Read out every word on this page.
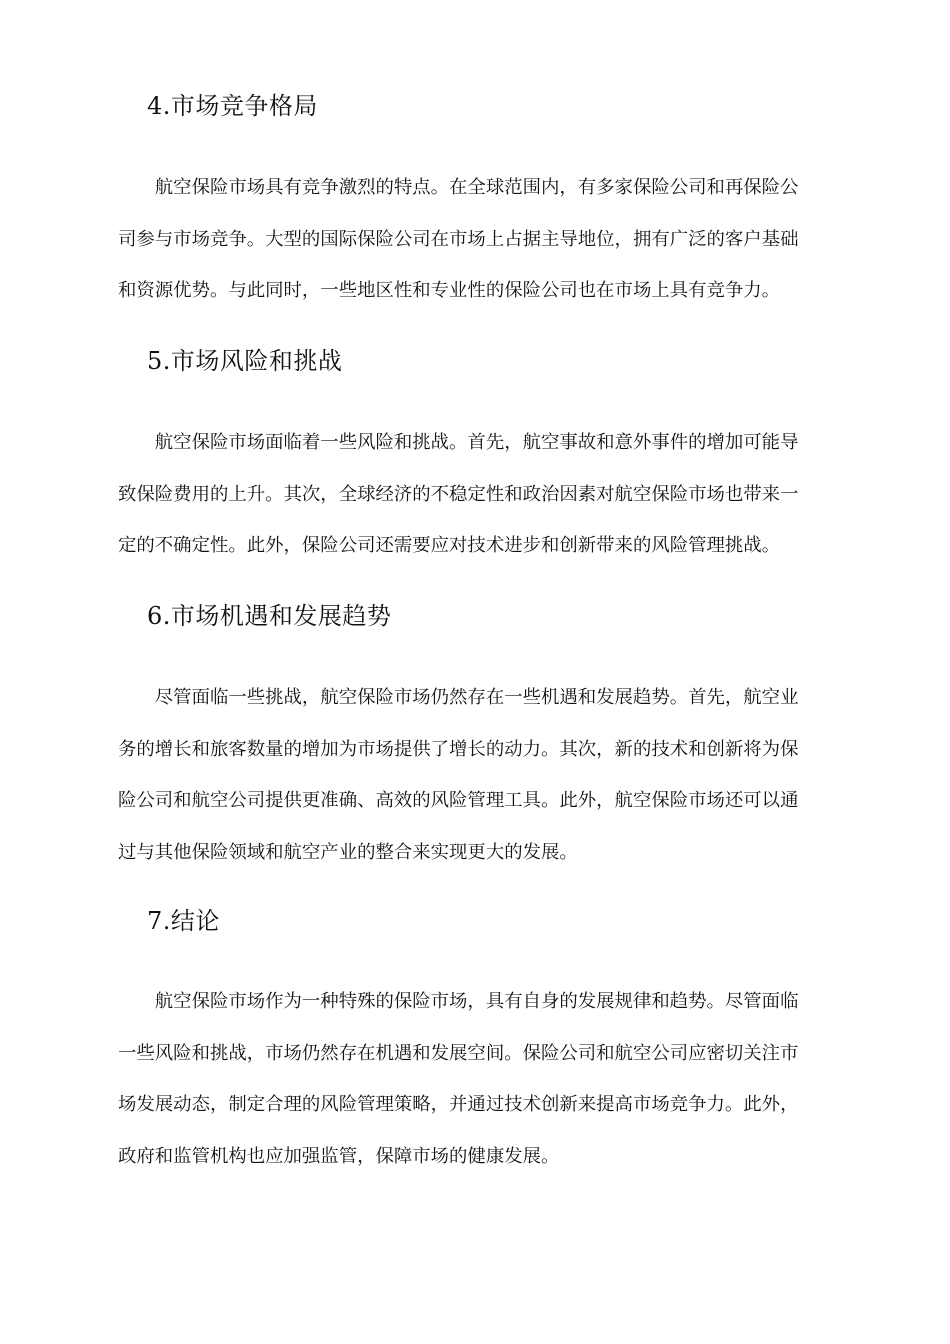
4.市场竞争格局
　　航空保险市场具有竞争激烈的特点。在全球范围内，有多家保险公司和再保险公
司参与市场竞争。大型的国际保险公司在市场上占据主导地位，拥有广泛的客户基础
和资源优势。与此同时，一些地区性和专业性的保险公司也在市场上具有竞争力。
5.市场风险和挑战
　　航空保险市场面临着一些风险和挑战。首先，航空事故和意外事件的增加可能导
致保险费用的上升。其次，全球经济的不稳定性和政治因素对航空保险市场也带来一
定的不确定性。此外，保险公司还需要应对技术进步和创新带来的风险管理挑战。
6.市场机遇和发展趋势
　　尽管面临一些挑战，航空保险市场仍然存在一些机遇和发展趋势。首先，航空业
务的增长和旅客数量的增加为市场提供了增长的动力。其次，新的技术和创新将为保
险公司和航空公司提供更准确、高效的风险管理工具。此外，航空保险市场还可以通
过与其他保险领域和航空产业的整合来实现更大的发展。
7.结论
　　航空保险市场作为一种特殊的保险市场，具有自身的发展规律和趋势。尽管面临
一些风险和挑战，市场仍然存在机遇和发展空间。保险公司和航空公司应密切关注市
场发展动态，制定合理的风险管理策略，并通过技术创新来提高市场竞争力。此外，
政府和监管机构也应加强监管，保障市场的健康发展。
